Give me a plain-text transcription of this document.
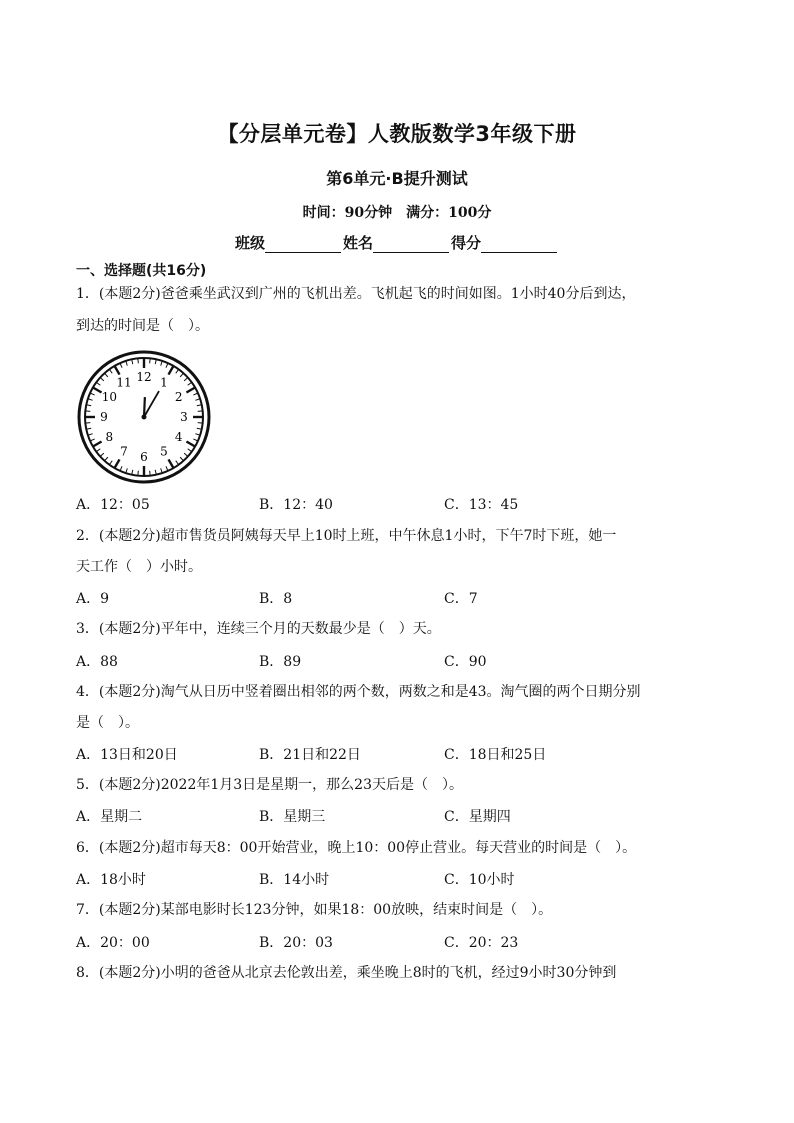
【分层单元卷】人教版数学3年级下册
第6单元·B提升测试
时间：90分钟 满分：100分
班级	姓名	得分
一、选择题(共16分)
1．(本题2分)爸爸乘坐武汉到广州的飞机出差。飞机起飞的时间如图。1小时40分后到达，
到达的时间是（　）。
12 1
2
3
4
5
6
7
8
9
10
11
A．12：05	B．12：40	C．13：45
2．(本题2分)超市售货员阿姨每天早上10时上班，中午休息1小时，下午7时下班，她一
天工作（　）小时。
A．9	B．8	C．7
3．(本题2分)平年中，连续三个月的天数最少是（　）天。
A．88	B．89	C．90
4．(本题2分)淘气从日历中竖着圈出相邻的两个数，两数之和是43。淘气圈的两个日期分别
是（　）。
A．13日和20日	B．21日和22日	C．18日和25日
5．(本题2分)2022年1月3日是星期一，那么23天后是（　）。
A．星期二	B．星期三	C．星期四
6．(本题2分)超市每天8：00开始营业，晚上10：00停止营业。每天营业的时间是（　）。
A．18小时	B．14小时	C．10小时
7．(本题2分)某部电影时长123分钟，如果18：00放映，结束时间是（　）。
A．20：00	B．20：03	C．20：23
8．(本题2分)小明的爸爸从北京去伦敦出差，乘坐晚上8时的飞机，经过9小时30分钟到
